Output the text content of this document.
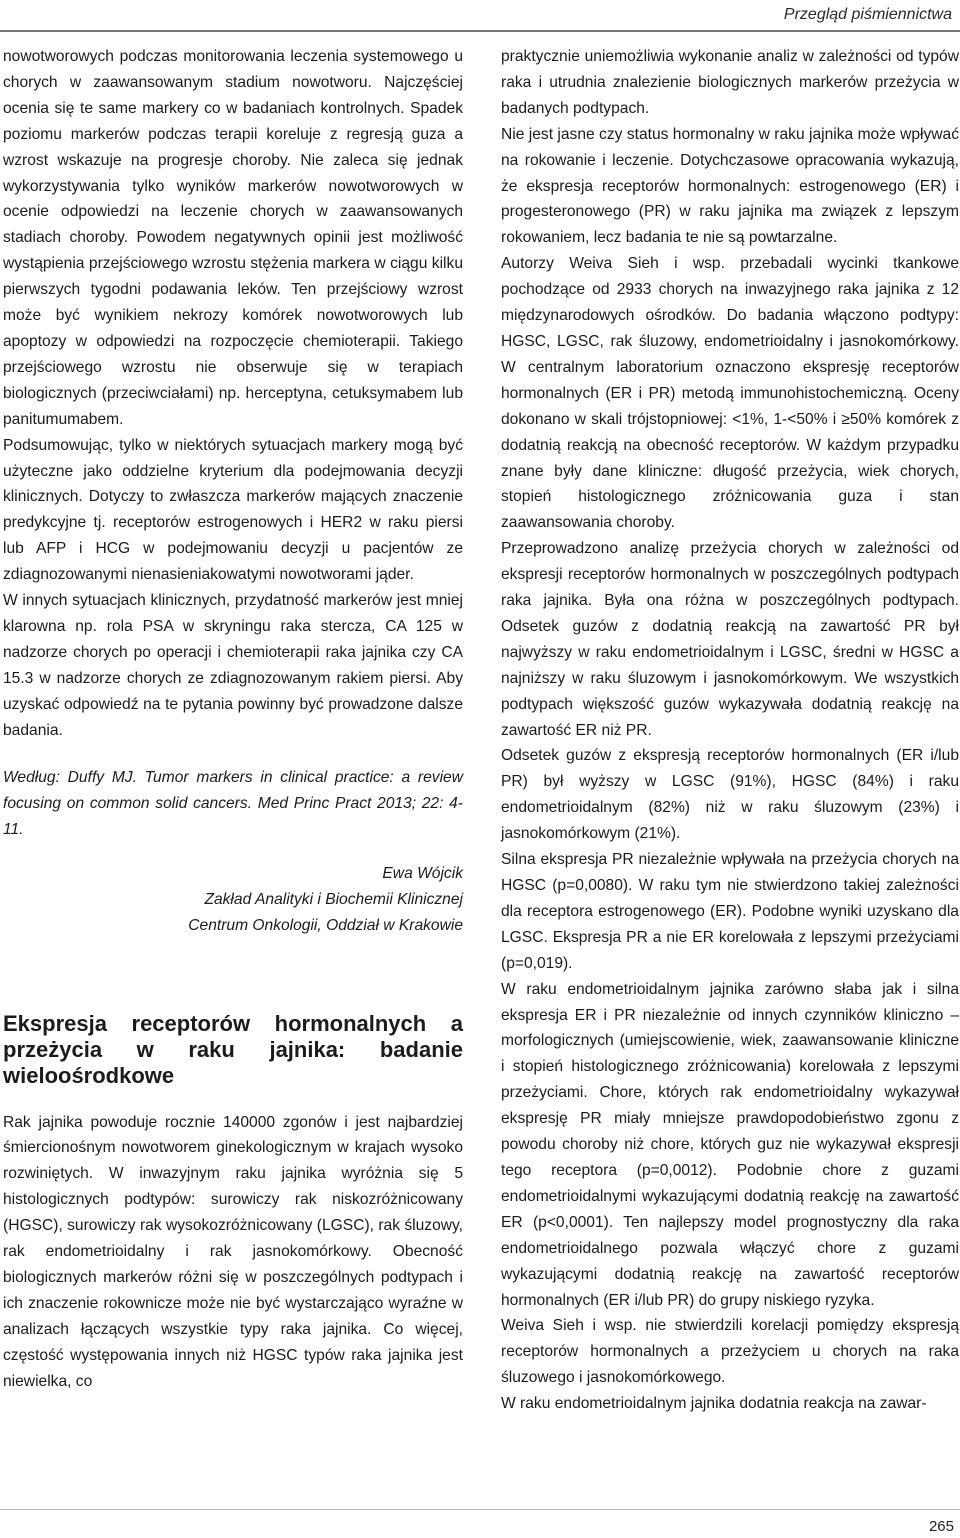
Przegląd piśmiennictwa

nowotworowych podczas monitorowania leczenia systemowego u chorych w zaawansowanym stadium nowotworu. Najczęściej ocenia się te same markery co w badaniach kontrolnych. Spadek poziomu markerów podczas terapii koreluje z regresją guza a wzrost wskazuje na progresje choroby. Nie zaleca się jednak wykorzystywania tylko wyników markerów nowotworowych w ocenie odpowiedzi na leczenie chorych w zaawansowanych stadiach choroby. Powodem negatywnych opinii jest możliwość wystąpienia przejściowego wzrostu stężenia markera w ciągu kilku pierwszych tygodni podawania leków. Ten przejściowy wzrost może być wynikiem nekrozy komórek nowotworowych lub apoptozy w odpowiedzi na rozpoczęcie chemioterapii. Takiego przejściowego wzrostu nie obserwuje się w terapiach biologicznych (przeciwciałami) np. herceptyna, cetuksymabem lub panitumumabem.

Podsumowując, tylko w niektórych sytuacjach markery mogą być użyteczne jako oddzielne kryterium dla podejmowania decyzji klinicznych. Dotyczy to zwłaszcza markerów mających znaczenie predykcyjne tj. receptorów estrogenowych i HER2 w raku piersi lub AFP i HCG w podejmowaniu decyzji u pacjentów ze zdiagnozowanymi nienasieniakowatymi nowotworami jąder.

W innych sytuacjach klinicznych, przydatność markerów jest mniej klarowna np. rola PSA w skryningu raka stercza, CA 125 w nadzorze chorych po operacji i chemioterapii raka jajnika czy CA 15.3 w nadzorze chorych ze zdiagnozowanym rakiem piersi. Aby uzyskać odpowiedź na te pytania powinny być prowadzone dalsze badania.

Według: Duffy MJ. Tumor markers in clinical practice: a review focusing on common solid cancers. Med Princ Pract 2013; 22: 4-11.

Ewa Wójcik
Zakład Analityki i Biochemii Klinicznej
Centrum Onkologii, Oddział w Krakowie

Ekspresja receptorów hormonalnych a przeżycia w raku jajnika: badanie wieloośrodkowe

Rak jajnika powoduje rocznie 140000 zgonów i jest najbardziej śmiercionośnym nowotworem ginekologicznym w krajach wysoko rozwiniętych. W inwazyjnym raku jajnika wyróżnia się 5 histologicznych podtypów: surowiczy rak niskozróżnicowany (HGSC), surowiczy rak wysokozróżnicowany (LGSC), rak śluzowy, rak endometrioidalny i rak jasnokomórkowy. Obecność biologicznych markerów różni się w poszczególnych podtypach i ich znaczenie rokownicze może nie być wystarczająco wyraźne w analizach łączących wszystkie typy raka jajnika. Co więcej, częstość występowania innych niż HGSC typów raka jajnika jest niewielka, co

praktycznie uniemożliwia wykonanie analiz w zależności od typów raka i utrudnia znalezienie biologicznych markerów przeżycia w badanych podtypach.

Nie jest jasne czy status hormonalny w raku jajnika może wpływać na rokowanie i leczenie. Dotychczasowe opracowania wykazują, że ekspresja receptorów hormonalnych: estrogenowego (ER) i progesteronowego (PR) w raku jajnika ma związek z lepszym rokowaniem, lecz badania te nie są powtarzalne.

Autorzy Weiva Sieh i wsp. przebadali wycinki tkankowe pochodzące od 2933 chorych na inwazyjnego raka jajnika z 12 międzynarodowych ośrodków. Do badania włączono podtypy: HGSC, LGSC, rak śluzowy, endometrioidalny i jasnokomórkowy. W centralnym laboratorium oznaczono ekspresję receptorów hormonalnych (ER i PR) metodą immunohistochemiczną. Oceny dokonano w skali trójstopniowej: <1%, 1-<50% i ≥50% komórek z dodatnią reakcją na obecność receptorów. W każdym przypadku znane były dane kliniczne: długość przeżycia, wiek chorych, stopień histologicznego zróżnicowania guza i stan zaawansowania choroby.

Przeprowadzono analizę przeżycia chorych w zależności od ekspresji receptorów hormonalnych w poszczególnych podtypach raka jajnika. Była ona różna w poszczególnych podtypach. Odsetek guzów z dodatnią reakcją na zawartość PR był najwyższy w raku endometrioidalnym i LGSC, średni w HGSC a najniższy w raku śluzowym i jasnokomórkowym. We wszystkich podtypach większość guzów wykazywała dodatnią reakcję na zawartość ER niż PR.

Odsetek guzów z ekspresją receptorów hormonalnych (ER i/lub PR) był wyższy w LGSC (91%), HGSC (84%) i raku endometrioidalnym (82%) niż w raku śluzowym (23%) i jasnokomórkowym (21%).

Silna ekspresja PR niezależnie wpływała na przeżycia chorych na HGSC (p=0,0080). W raku tym nie stwierdzono takiej zależności dla receptora estrogenowego (ER). Podobne wyniki uzyskano dla LGSC. Ekspresja PR a nie ER korelowała z lepszymi przeżyciami (p=0,019).

W raku endometrioidalnym jajnika zarówno słaba jak i silna ekspresja ER i PR niezależnie od innych czynników kliniczno – morfologicznych (umiejscowienie, wiek, zaawansowanie kliniczne i stopień histologicznego zróżnicowania) korelowała z lepszymi przeżyciami. Chore, których rak endometrioidalny wykazywał ekspresję PR miały mniejsze prawdopodobieństwo zgonu z powodu choroby niż chore, których guz nie wykazywał ekspresji tego receptora (p=0,0012). Podobnie chore z guzami endometrioidalnymi wykazującymi dodatnią reakcję na zawartość ER (p<0,0001). Ten najlepszy model prognostyczny dla raka endometrioidalnego pozwala włączyć chore z guzami wykazującymi dodatnią reakcję na zawartość receptorów hormonalnych (ER i/lub PR) do grupy niskiego ryzyka.

Weiva Sieh i wsp. nie stwierdzili korelacji pomiędzy ekspresją receptorów hormonalnych a przeżyciem u chorych na raka śluzowego i jasnokomórkowego.

W raku endometrioidalnym jajnika dodatnia reakcja na zawar-

265
